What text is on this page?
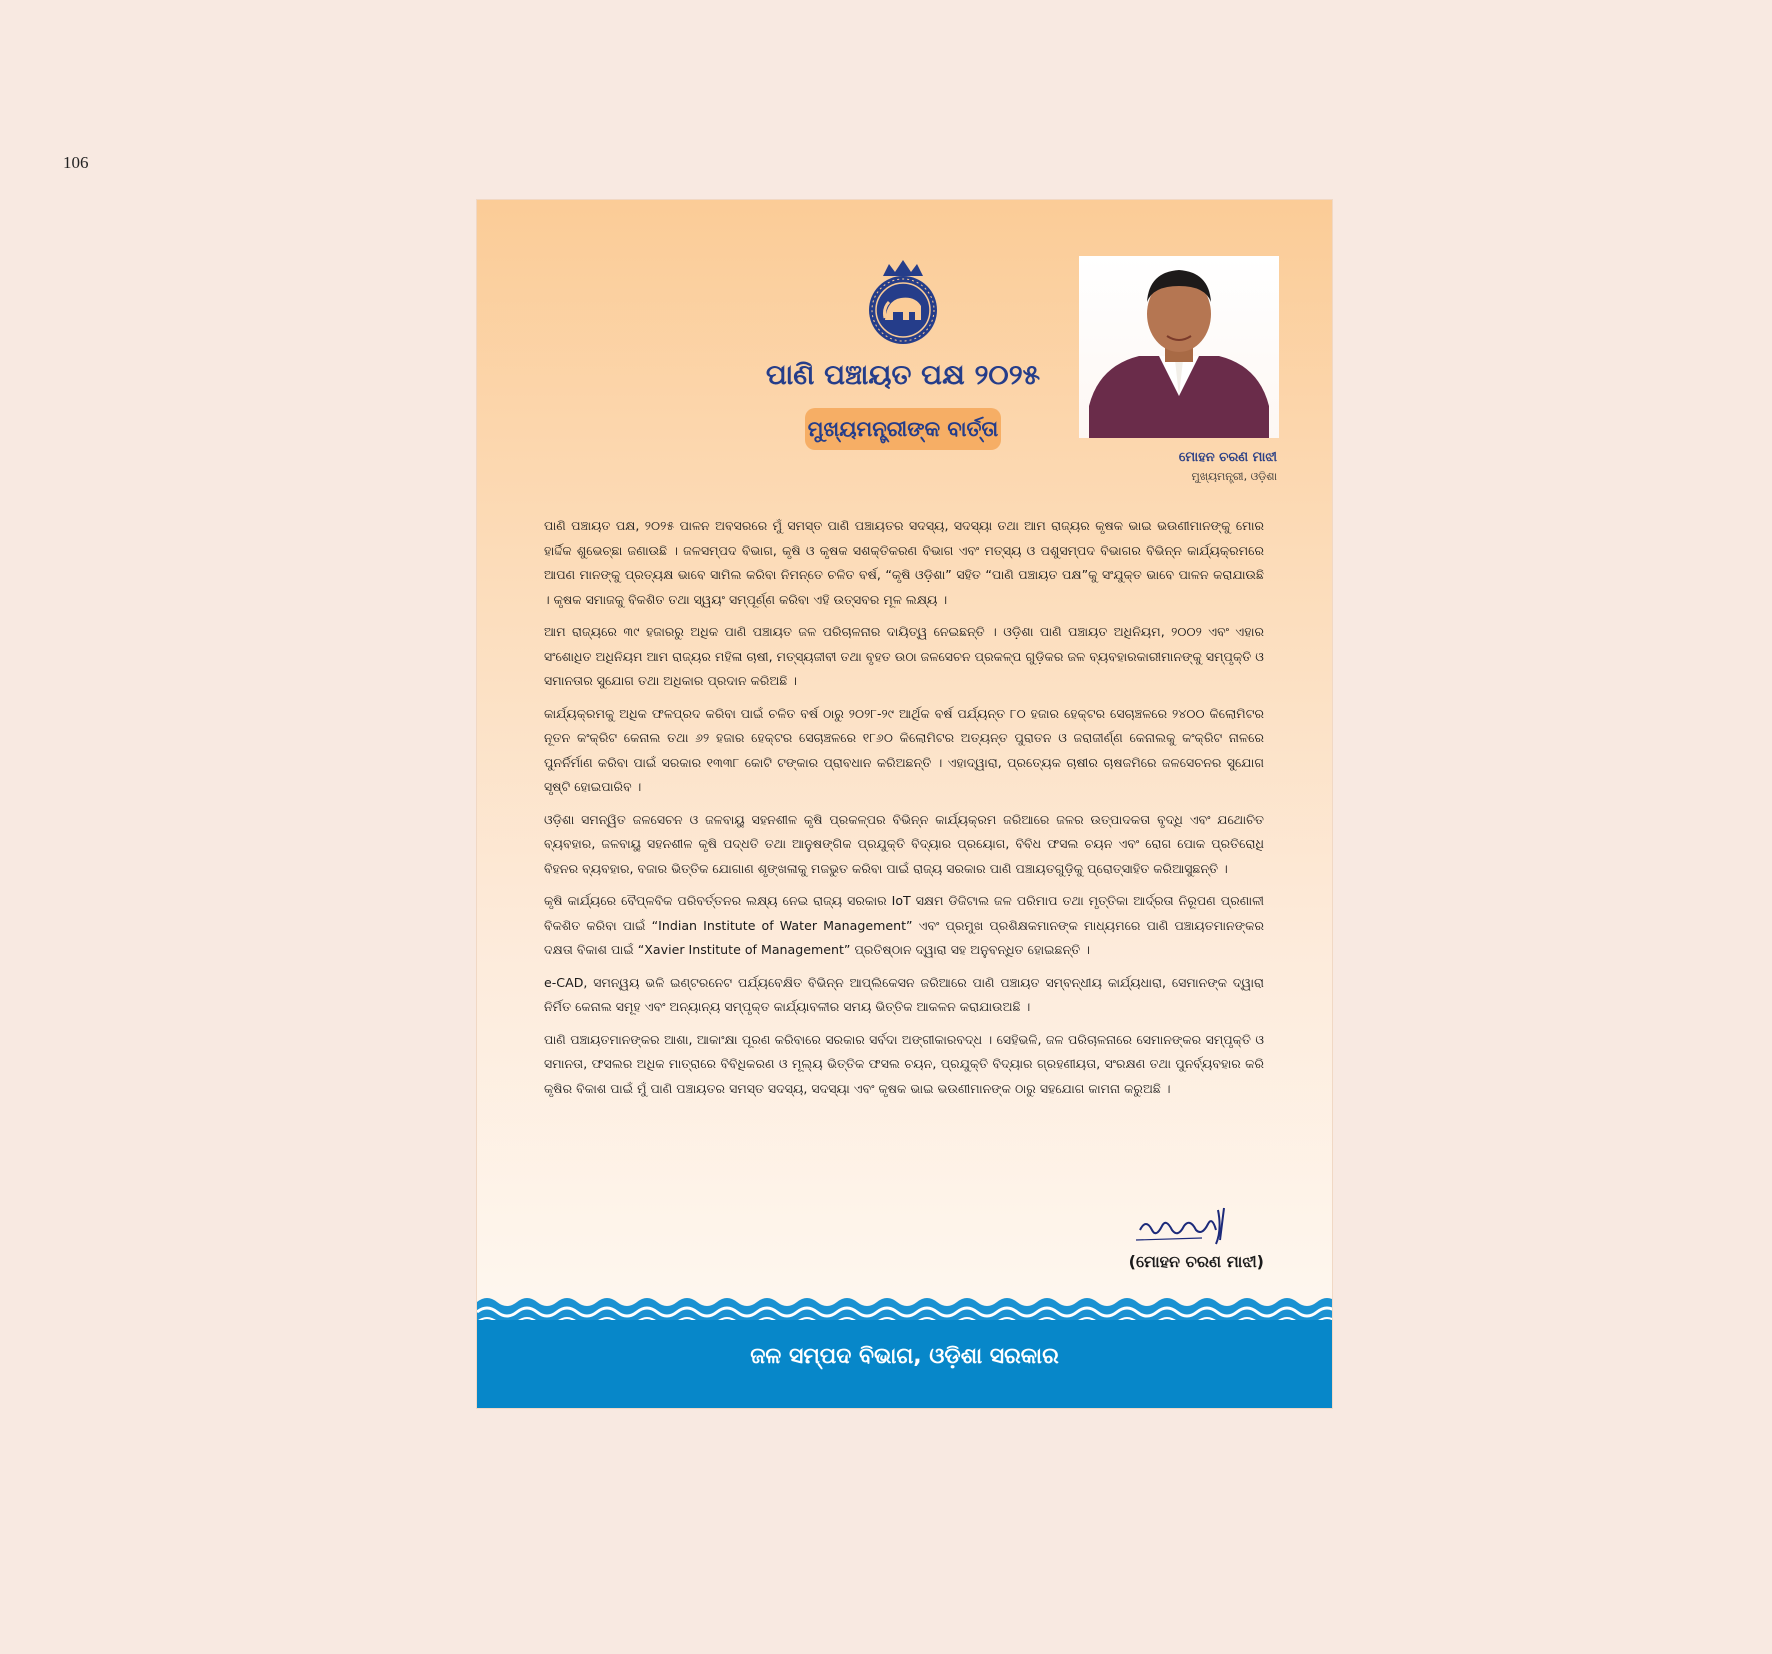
106
ପାଣି ପଞ୍ଚାୟତ ପକ୍ଷ ୨୦୨୫
ମୁଖ୍ୟମନ୍ତ୍ରୀଙ୍କ ବାର୍ତ୍ତା
ମୋହନ ଚରଣ ମାଝୀ
ମୁଖ୍ୟମନ୍ତ୍ରୀ, ଓଡ଼ିଶା

ପାଣି ପଞ୍ଚାୟତ ପକ୍ଷ, ୨୦୨୫ ପାଳନ ଅବସରରେ ମୁଁ ସମସ୍ତ ପାଣି ପଞ୍ଚାୟତର ସଦସ୍ୟ, ସଦସ୍ୟା ତଥା ଆମ ରାଜ୍ୟର କୃଷକ ଭାଇ ଭଉଣୀମାନଙ୍କୁ ମୋର ହାର୍ଦ୍ଦିକ ଶୁଭେଚ୍ଛା ଜଣାଉଛି । ଜଳସମ୍ପଦ ବିଭାଗ, କୃଷି ଓ କୃଷକ ସଶକ୍ତିକରଣ ବିଭାଗ ଏବଂ ମତ୍ସ୍ୟ ଓ ପଶୁସମ୍ପଦ ବିଭାଗର ବିଭିନ୍ନ କାର୍ଯ୍ୟକ୍ରମରେ ଆପଣ ମାନଙ୍କୁ ପ୍ରତ୍ୟକ୍ଷ ଭାବେ ସାମିଲ କରିବା ନିମନ୍ତେ ଚଳିତ ବର୍ଷ, “କୃଷି ଓଡ଼ିଶା” ସହିତ “ପାଣି ପଞ୍ଚାୟତ ପକ୍ଷ”କୁ ସଂଯୁକ୍ତ ଭାବେ ପାଳନ କରାଯାଉଛି । କୃଷକ ସମାଜକୁ ବିକଶିତ ତଥା ସ୍ୱୟଂ ସମ୍ପୂର୍ଣ୍ଣ କରିବା ଏହି ଉତ୍ସବର ମୂଳ ଲକ୍ଷ୍ୟ ।

ଆମ ରାଜ୍ୟରେ ୩୯ ହଜାରରୁ ଅଧିକ ପାଣି ପଞ୍ଚାୟତ ଜଳ ପରିଚାଳନାର ଦାୟିତ୍ୱ ନେଇଛନ୍ତି । ଓଡ଼ିଶା ପାଣି ପଞ୍ଚାୟତ ଅଧିନିୟମ, ୨୦୦୨ ଏବଂ ଏହାର ସଂଶୋଧିତ ଅଧିନିୟମ ଆମ ରାଜ୍ୟର ମହିଳା ଚାଷୀ, ମତ୍ସ୍ୟଜୀବୀ ତଥା ବୃହତ ଉଠା ଜଳସେଚନ ପ୍ରକଳ୍ପ ଗୁଡ଼ିକର ଜଳ ବ୍ୟବହାରକାରୀମାନଙ୍କୁ ସମ୍ପୃକ୍ତି ଓ ସମାନତାର ସୁଯୋଗ ତଥା ଅଧିକାର ପ୍ରଦାନ କରିଅଛି ।

କାର୍ଯ୍ୟକ୍ରମକୁ ଅଧିକ ଫଳପ୍ରଦ କରିବା ପାଇଁ ଚଳିତ ବର୍ଷ ଠାରୁ ୨୦୨୮-୨୯ ଆର୍ଥିକ ବର୍ଷ ପର୍ଯ୍ୟନ୍ତ ୮୦ ହଜାର ହେକ୍ଟର ସେଚାଞ୍ଚଳରେ ୨୪୦୦ କିଲୋମିଟର ନୂତନ କଂକ୍ରିଟ କେନାଲ ତଥା ୬୨ ହଜାର ହେକ୍ଟର ସେଚାଞ୍ଚଳରେ ୧୮୬୦ କିଲୋମିଟର ଅତ୍ୟନ୍ତ ପୁରାତନ ଓ ଜରାଜୀର୍ଣ୍ଣ କେନାଲକୁ କଂକ୍ରିଟ ନାଳରେ ପୁନର୍ନିର୍ମାଣ କରିବା ପାଇଁ ସରକାର ୧୩୩୮ କୋଟି ଟଙ୍କାର ପ୍ରାବଧାନ କରିଅଛନ୍ତି । ଏହାଦ୍ୱାରା, ପ୍ରତ୍ୟେକ ଚାଷୀର ଚାଷଜମିରେ ଜଳସେଚନର ସୁଯୋଗ ସୃଷ୍ଟି ହୋଇପାରିବ ।

ଓଡ଼ିଶା ସମନ୍ୱିତ ଜଳସେଚନ ଓ ଜଳବାୟୁ ସହନଶୀଳ କୃଷି ପ୍ରକଳ୍ପର ବିଭିନ୍ନ କାର୍ଯ୍ୟକ୍ରମ ଜରିଆରେ ଜଳର ଉତ୍ପାଦକତା ବୃଦ୍ଧି ଏବଂ ଯଥୋଚିତ ବ୍ୟବହାର, ଜଳବାୟୁ ସହନଶୀଳ କୃଷି ପଦ୍ଧତି ତଥା ଆନୁଷଙ୍ଗିକ ପ୍ରଯୁକ୍ତି ବିଦ୍ୟାର ପ୍ରୟୋଗ, ବିବିଧ ଫସଲ ଚୟନ ଏବଂ ରୋଗ ପୋକ ପ୍ରତିରୋଧି ବିହନର ବ୍ୟବହାର, ବଜାର ଭିତ୍ତିକ ଯୋଗାଣ ଶୃଙ୍ଖଳାକୁ ମଜଭୁତ କରିବା ପାଇଁ ରାଜ୍ୟ ସରକାର ପାଣି ପଞ୍ଚାୟତଗୁଡ଼ିକୁ ପ୍ରୋତ୍ସାହିତ କରିଆସୁଛନ୍ତି ।

କୃଷି କାର୍ଯ୍ୟରେ ବୈପ୍ଳବିକ ପରିବର୍ତ୍ତନର ଲକ୍ଷ୍ୟ ନେଇ ରାଜ୍ୟ ସରକାର IoT ସକ୍ଷମ ଡିଜିଟାଲ ଜଳ ପରିମାପ ତଥା ମୃତ୍ତିକା ଆର୍ଦ୍ରତା ନିରୂପଣ ପ୍ରଣାଳୀ ବିକଶିତ କରିବା ପାଇଁ “Indian Institute of Water Management” ଏବଂ ପ୍ରମୁଖ ପ୍ରଶିକ୍ଷକମାନଙ୍କ ମାଧ୍ୟମରେ ପାଣି ପଞ୍ଚାୟତମାନଙ୍କର ଦକ୍ଷତା ବିକାଶ ପାଇଁ “Xavier Institute of Management” ପ୍ରତିଷ୍ଠାନ ଦ୍ୱାରା ସହ ଅନୁବନ୍ଧିତ ହୋଇଛନ୍ତି ।

e-CAD, ସମନ୍ୱୟ ଭଳି ଇଣ୍ଟରନେଟ ପର୍ଯ୍ୟବେକ୍ଷିତ ବିଭିନ୍ନ ଆପ୍ଲିକେସନ ଜରିଆରେ ପାଣି ପଞ୍ଚାୟତ ସମ୍ବନ୍ଧୀୟ କାର୍ଯ୍ୟଧାରା, ସେମାନଙ୍କ ଦ୍ୱାରା ନିର୍ମିତ କେନାଲ ସମୂହ ଏବଂ ଅନ୍ୟାନ୍ୟ ସମ୍ପୃକ୍ତ କାର୍ଯ୍ୟାବଳୀର ସମୟ ଭିତ୍ତିକ ଆକଳନ କରାଯାଉଅଛି ।

ପାଣି ପଞ୍ଚାୟତମାନଙ୍କର ଆଶା, ଆକାଂକ୍ଷା ପୂରଣ କରିବାରେ ସରକାର ସର୍ବଦା ଅଙ୍ଗୀକାରବଦ୍ଧ । ସେହିଭଳି, ଜଳ ପରିଚାଳନାରେ ସେମାନଙ୍କର ସମ୍ପୃକ୍ତି ଓ ସମାନତା, ଫସଲର ଅଧିକ ମାତ୍ରାରେ ବିବିଧିକରଣ ଓ ମୂଲ୍ୟ ଭିତ୍ତିକ ଫସଲ ଚୟନ, ପ୍ରଯୁକ୍ତି ବିଦ୍ୟାର ଗ୍ରହଣୀୟତା, ସଂରକ୍ଷଣ ତଥା ପୁନର୍ବ୍ୟବହାର କରି କୃଷିର ବିକାଶ ପାଇଁ ମୁଁ ପାଣି ପଞ୍ଚାୟତର ସମସ୍ତ ସଦସ୍ୟ, ସଦସ୍ୟା ଏବଂ କୃଷକ ଭାଇ ଭଉଣୀମାନଙ୍କ ଠାରୁ ସହଯୋଗ କାମନା କରୁଅଛି ।

(ମୋହନ ଚରଣ ମାଝୀ)
ଜଳ ସମ୍ପଦ ବିଭାଗ, ଓଡ଼ିଶା ସରକାର
